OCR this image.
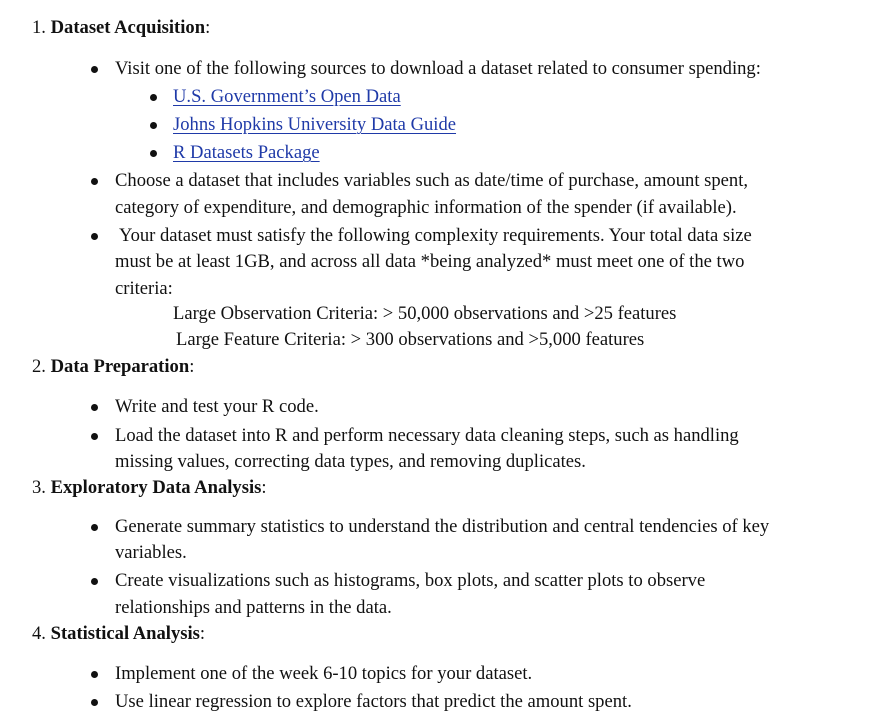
1. Dataset Acquisition:
Visit one of the following sources to download a dataset related to consumer spending:
U.S. Government’s Open Data
Johns Hopkins University Data Guide
R Datasets Package
Choose a dataset that includes variables such as date/time of purchase, amount spent,
category of expenditure, and demographic information of the spender (if available).
Your dataset must satisfy the following complexity requirements. Your total data size
must be at least 1GB, and across all data *being analyzed* must meet one of the two
criteria:
Large Observation Criteria: > 50,000 observations and >25 features
Large Feature Criteria: > 300 observations and >5,000 features
2. Data Preparation:
Write and test your R code.
Load the dataset into R and perform necessary data cleaning steps, such as handling
missing values, correcting data types, and removing duplicates.
3. Exploratory Data Analysis:
Generate summary statistics to understand the distribution and central tendencies of key
variables.
Create visualizations such as histograms, box plots, and scatter plots to observe
relationships and patterns in the data.
4. Statistical Analysis:
Implement one of the week 6-10 topics for your dataset.
Use linear regression to explore factors that predict the amount spent.
